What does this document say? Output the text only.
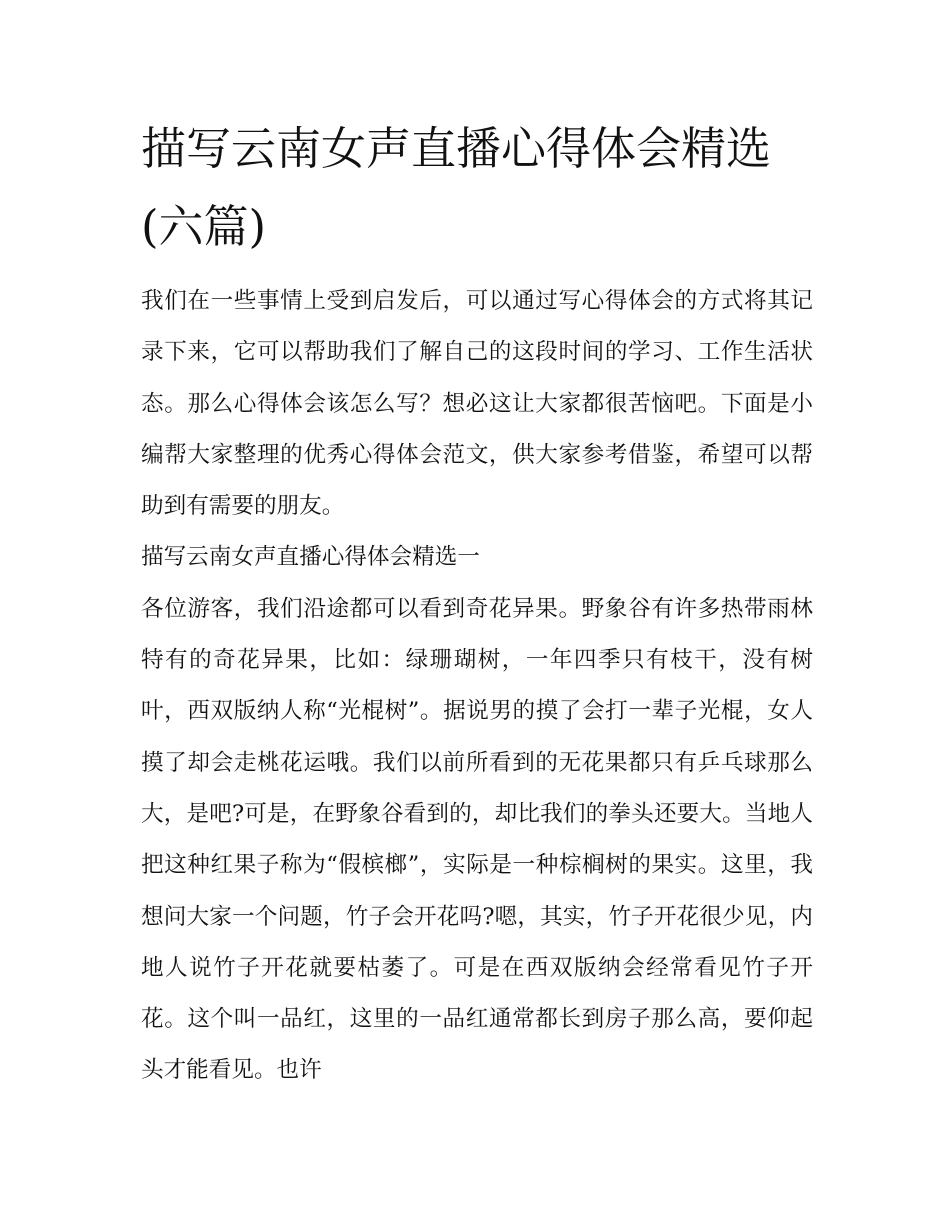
描写云南女声直播心得体会精选(六篇)

我们在一些事情上受到启发后，可以通过写心得体会的方式将其记录下来，它可以帮助我们了解自己的这段时间的学习、工作生活状态。那么心得体会该怎么写？想必这让大家都很苦恼吧。下面是小编帮大家整理的优秀心得体会范文，供大家参考借鉴，希望可以帮助到有需要的朋友。

描写云南女声直播心得体会精选一

各位游客，我们沿途都可以看到奇花异果。野象谷有许多热带雨林特有的奇花异果，比如：绿珊瑚树，一年四季只有枝干，没有树叶，西双版纳人称“光棍树”。据说男的摸了会打一辈子光棍，女人摸了却会走桃花运哦。我们以前所看到的无花果都只有乒乓球那么大，是吧?可是，在野象谷看到的，却比我们的拳头还要大。当地人把这种红果子称为“假槟榔”，实际是一种棕榈树的果实。这里，我想问大家一个问题，竹子会开花吗?嗯，其实，竹子开花很少见，内地人说竹子开花就要枯萎了。可是在西双版纳会经常看见竹子开花。这个叫一品红，这里的一品红通常都长到房子那么高，要仰起头才能看见。也许
